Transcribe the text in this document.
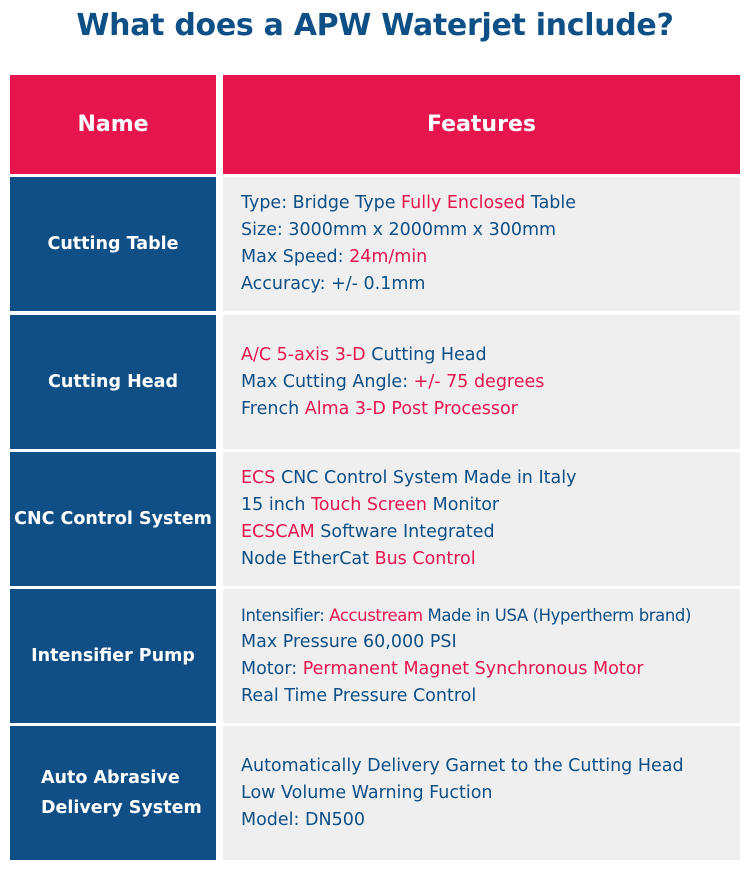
What does a APW Waterjet include?
Name	Features
Cutting Table
Type: Bridge Type Fully Enclosed Table
Size: 3000mm x 2000mm x 300mm
Max Speed: 24m/min
Accuracy: +/- 0.1mm
Cutting Head
A/C 5-axis 3-D Cutting Head
Max Cutting Angle: +/- 75 degrees
French Alma 3-D Post Processor
CNC Control System
ECS CNC Control System Made in Italy
15 inch Touch Screen Monitor
ECSCAM Software Integrated
Node EtherCat Bus Control
Intensifier Pump
Intensifier: Accustream Made in USA (Hypertherm brand)
Max Pressure 60,000 PSI
Motor: Permanent Magnet Synchronous Motor
Real Time Pressure Control
Auto Abrasive
Delivery System
Automatically Delivery Garnet to the Cutting Head
Low Volume Warning Fuction
Model: DN500
